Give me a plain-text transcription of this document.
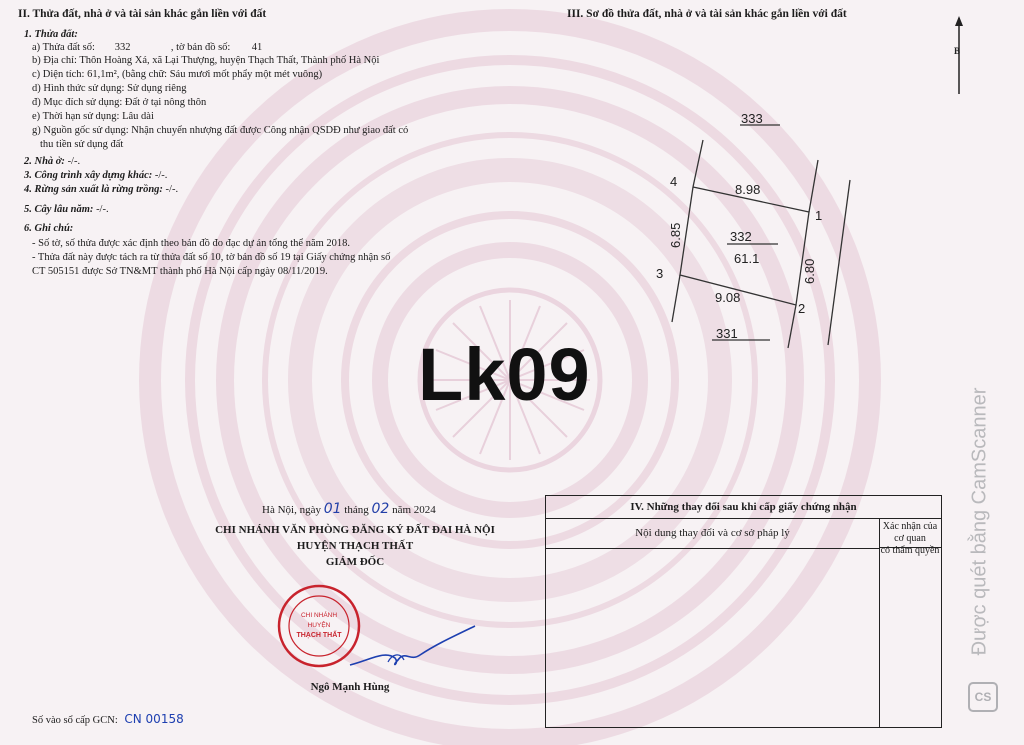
II. Thửa đất, nhà ở và tài sản khác gắn liền với đất
1. Thửa đất:
a) Thửa đất số: 332	, tờ bản đồ số: 41
b) Địa chỉ: Thôn Hoàng Xá, xã Lại Thượng, huyện Thạch Thất, Thành phố Hà Nội
c) Diện tích: 61,1m², (bằng chữ: Sáu mươi mốt phẩy một mét vuông)
d) Hình thức sử dụng: Sử dụng riêng
đ) Mục đích sử dụng: Đất ở tại nông thôn
e) Thời hạn sử dụng: Lâu dài
g) Nguồn gốc sử dụng: Nhận chuyển nhượng đất được Công nhận QSDĐ như giao đất có
thu tiền sử dụng đất
2. Nhà ở: -/-.
3. Công trình xây dựng khác: -/-.
4. Rừng sản xuất là rừng trồng: -/-.
5. Cây lâu năm: -/-.
6. Ghi chú:
- Số tờ, số thửa được xác định theo bản đồ đo đạc dự án tổng thể năm 2018.
- Thửa đất này được tách ra từ thửa đất số 10, tờ bản đồ số 19 tại Giấy chứng nhận số
CT 505151 được Sở TN&MT thành phố Hà Nội cấp ngày 08/11/2019.
III. Sơ đồ thửa đất, nhà ở và tài sản khác gắn liền với đất
B
333
331
332
61.1
1
2
3
4
8.98
9.08
6.85
6.80
Lk09
Hà Nội, ngày 01 tháng 02 năm 2024
CHI NHÁNH VĂN PHÒNG ĐĂNG KÝ ĐẤT ĐAI HÀ NỘI
HUYỆN THẠCH THẤT
GIÁM ĐỐC
CHI NHÁNH
HUYỆN
THẠCH THẤT
Ngô Mạnh Hùng
Số vào sổ cấp GCN: CN 00158
IV. Những thay đổi sau khi cấp giấy chứng nhận
Nội dung thay đổi và cơ sở pháp lý
Xác nhận của cơ quan
có thẩm quyền Được quét bằng CamScanner
CS
